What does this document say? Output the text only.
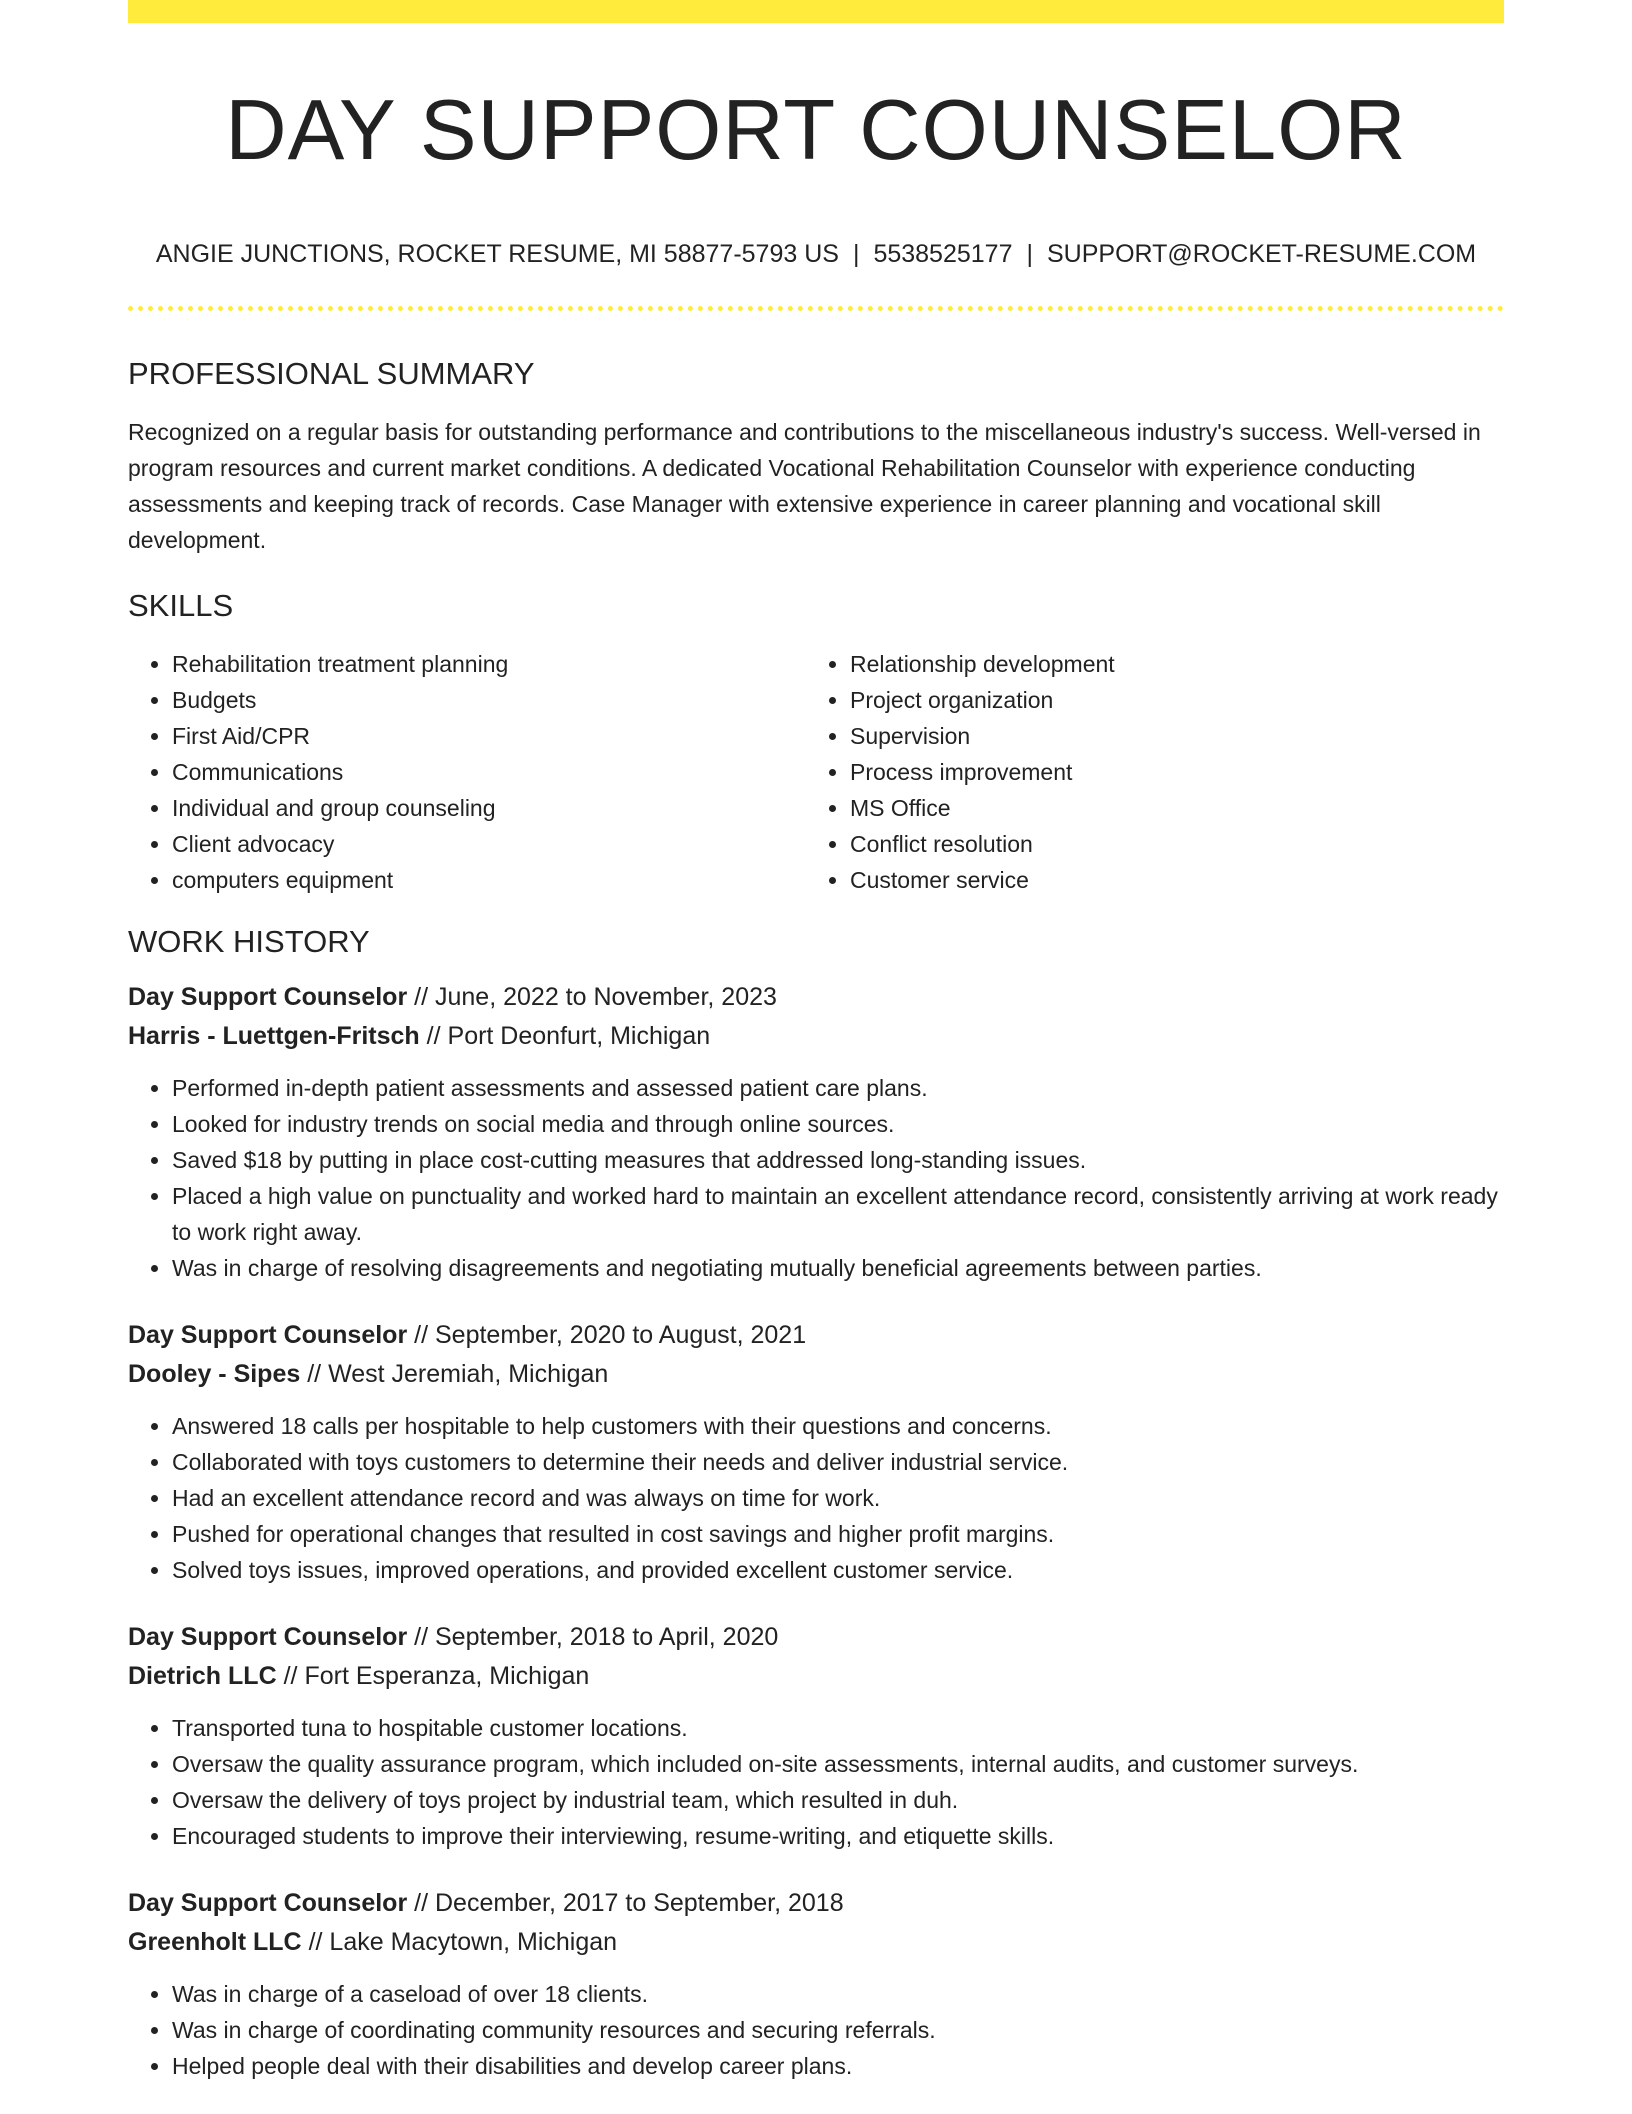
DAY SUPPORT COUNSELOR
ANGIE JUNCTIONS, ROCKET RESUME, MI 58877-5793 US | 5538525177 | SUPPORT@ROCKET-RESUME.COM
PROFESSIONAL SUMMARY

Recognized on a regular basis for outstanding performance and contributions to the miscellaneous industry's success. Well-versed in program resources and current market conditions. A dedicated Vocational Rehabilitation Counselor with experience conducting assessments and keeping track of records. Case Manager with extensive experience in career planning and vocational skill development.

SKILLS
• Rehabilitation treatment planning
• Budgets
• First Aid/CPR
• Communications
• Individual and group counseling
• Client advocacy
• computers equipment
• Relationship development
• Project organization
• Supervision
• Process improvement
• MS Office
• Conflict resolution
• Customer service
WORK HISTORY
Day Support Counselor // June, 2022 to November, 2023
Harris - Luettgen-Fritsch // Port Deonfurt, Michigan
• Performed in-depth patient assessments and assessed patient care plans.
• Looked for industry trends on social media and through online sources.
• Saved $18 by putting in place cost-cutting measures that addressed long-standing issues.
• Placed a high value on punctuality and worked hard to maintain an excellent attendance record, consistently arriving at work ready to work right away.
• Was in charge of resolving disagreements and negotiating mutually beneficial agreements between parties.
Day Support Counselor // September, 2020 to August, 2021
Dooley - Sipes // West Jeremiah, Michigan
• Answered 18 calls per hospitable to help customers with their questions and concerns.
• Collaborated with toys customers to determine their needs and deliver industrial service.
• Had an excellent attendance record and was always on time for work.
• Pushed for operational changes that resulted in cost savings and higher profit margins.
• Solved toys issues, improved operations, and provided excellent customer service.
Day Support Counselor // September, 2018 to April, 2020
Dietrich LLC // Fort Esperanza, Michigan
• Transported tuna to hospitable customer locations.
• Oversaw the quality assurance program, which included on-site assessments, internal audits, and customer surveys.
• Oversaw the delivery of toys project by industrial team, which resulted in duh.
• Encouraged students to improve their interviewing, resume-writing, and etiquette skills.
Day Support Counselor // December, 2017 to September, 2018
Greenholt LLC // Lake Macytown, Michigan
• Was in charge of a caseload of over 18 clients.
• Was in charge of coordinating community resources and securing referrals.
• Helped people deal with their disabilities and develop career plans.
